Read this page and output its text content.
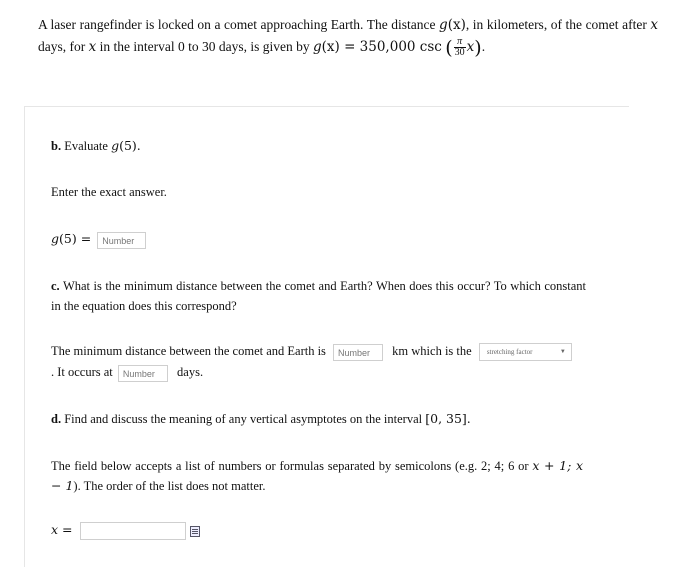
A laser rangefinder is locked on a comet approaching Earth. The distance g(x), in kilometers, of the comet after x days, for x in the interval 0 to 30 days, is given by g(x) = 350,000 csc ( $\frac{\pi}{30} x$).
b. Evaluate g(5).
Enter the exact answer.
g(5) = Number
c. What is the minimum distance between the comet and Earth? When does this occur? To which constant in the equation does this correspond?
The minimum distance between the comet and Earth is Number km which is the stretching factor	▼
. It occurs at Number days.
d. Find and discuss the meaning of any vertical asymptotes on the interval [0, 35].
The field below accepts a list of numbers or formulas separated by semicolons (e.g. 2; 4; 6 or x + 1; x − 1). The order of the list does not matter.
x =
